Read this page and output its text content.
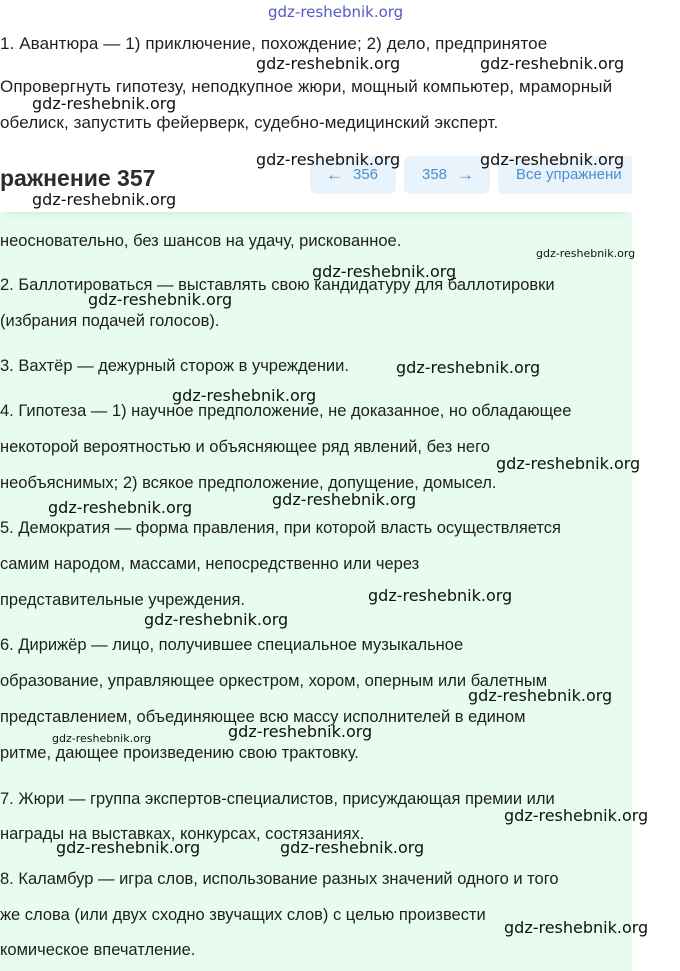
1. Авантюра — 1) приключение, похождение; 2) дело, предпринятое
Опровергнуть гипотезу, неподкупное жюри, мощный компьютер, мраморный
обелиск, запустить фейерверк, судебно-медицинский эксперт.
ражнение 357	← 356	358 →	Все упражнени
неосновательно, без шансов на удачу, рискованное.
2. Баллотироваться — выставлять свою кандидатуру для баллотировки
(избрания подачей голосов).
3. Вахтёр — дежурный сторож в учреждении.
4. Гипотеза — 1) научное предположение, не доказанное, но обладающее
некоторой вероятностью и объясняющее ряд явлений, без него
необъяснимых; 2) всякое предположение, допущение, домысел.
5. Демократия — форма правления, при которой власть осуществляется
самим народом, массами, непосредственно или через
представительные учреждения.
6. Дирижёр — лицо, получившее специальное музыкальное
образование, управляющее оркестром, хором, оперным или балетным
представлением, объединяющее всю массу исполнителей в едином
ритме, дающее произведению свою трактовку.
7. Жюри — группа экспертов-специалистов, присуждающая премии или
награды на выставках, конкурсах, состязаниях.
8. Каламбур — игра слов, использование разных значений одного и того
же слова (или двух сходно звучащих слов) с целью произвести
комическое впечатление.
gdz-reshebnik.org
gdz-reshebnik.org	gdz-reshebnik.org
gdz-reshebnik.org
gdz-reshebnik.org	gdz-reshebnik.org
gdz-reshebnik.org
gdz-reshebnik.org
gdz-reshebnik.org
gdz-reshebnik.org
gdz-reshebnik.org
gdz-reshebnik.org
gdz-reshebnik.org
gdz-reshebnik.org
gdz-reshebnik.org
gdz-reshebnik.org
gdz-reshebnik.org
gdz-reshebnik.org
gdz-reshebnik.org
gdz-reshebnik.org
gdz-reshebnik.org
gdz-reshebnik.org	gdz-reshebnik.org
gdz-reshebnik.org
